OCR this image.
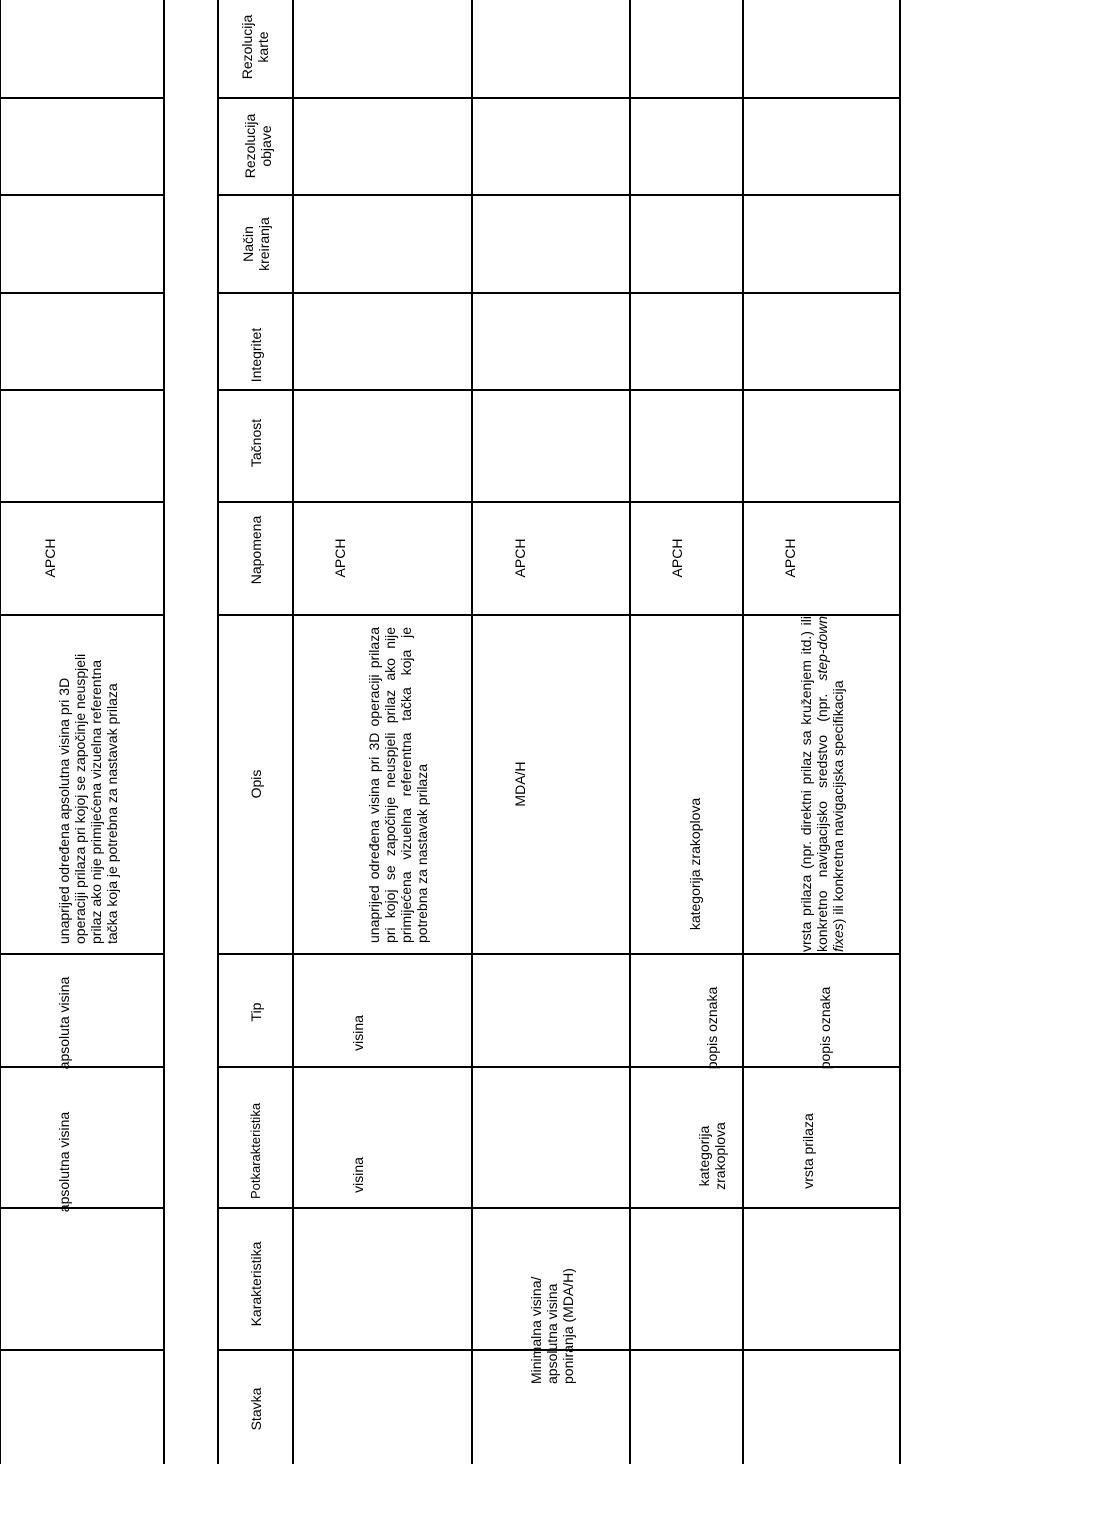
apsolutna visina
apsoluta visina
unaprijed određena apsolutna visina pri 3D operaciji prilaza pri kojoj se započinje neuspjeli prilaz ako nije primijećena vizuelna referentna tačka koja je potrebna za nastavak prilaza
APCH
Stavka
Karakteristika
Potkarakteristika
Tip
Opis
Napomena
Tačnost
Integritet
Način kreiranja
Rezolucija objave
Rezolucija karte
visina
visina
unaprijed određena visina pri 3D operaciji prilaza pri kojoj se započinje neuspjeli prilaz ako nije primijećena vizuelna referentna tačka koja je potrebna za nastavak prilaza
APCH
Minimalna visina/ apsolutna visina poniranja (MDA/H)
MDA/H
APCH
kategorija zrakoplova
popis oznaka
kategorija zrakoplova
APCH
vrsta prilaza
popis oznaka
vrsta prilaza (npr. direktni prilaz sa kruženjem itd.) ili konkretno navigacijsko sredstvo (npr. step-down fixes) ili konkretna navigacijska specifikacija
APCH
